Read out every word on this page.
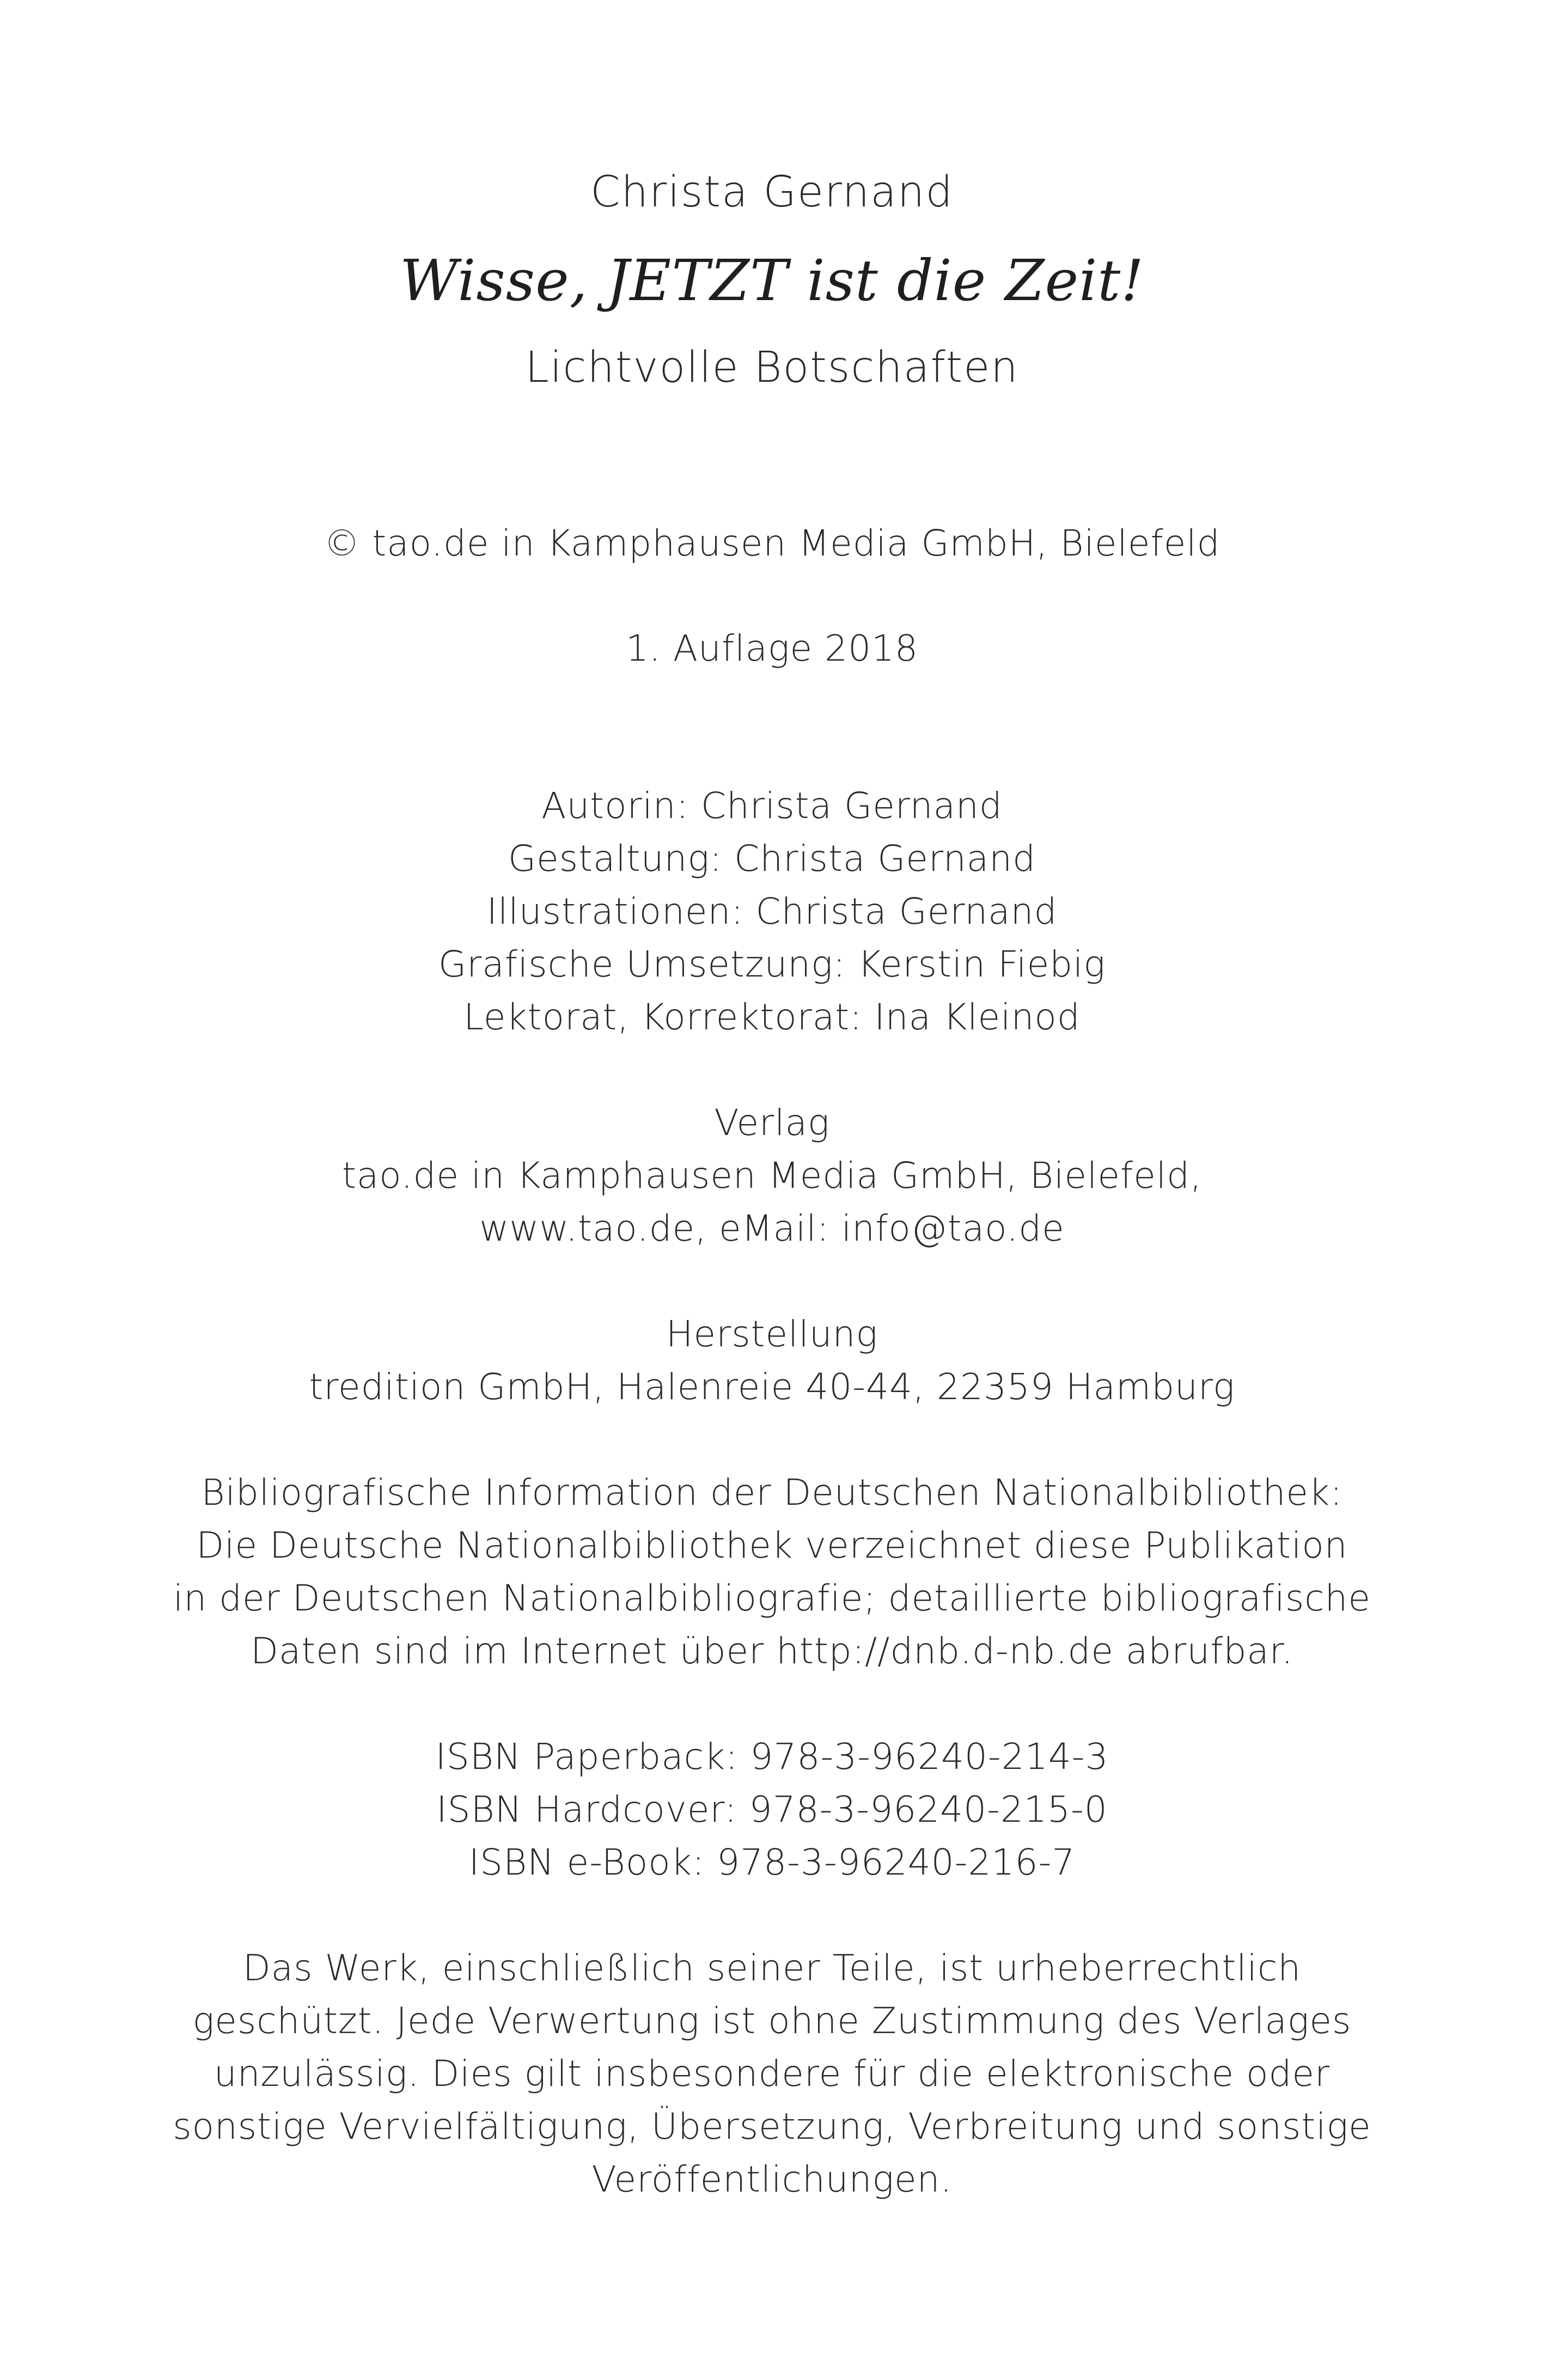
Christa Gernand
Wisse, JETZT ist die Zeit!
Lichtvolle Botschaften
© tao.de in Kamphausen Media GmbH, Bielefeld
1. Auflage 2018
Autorin: Christa Gernand
Gestaltung: Christa Gernand
Illustrationen: Christa Gernand
Grafische Umsetzung: Kerstin Fiebig
Lektorat, Korrektorat: Ina Kleinod
Verlag
tao.de in Kamphausen Media GmbH, Bielefeld,
www.tao.de, eMail: info@tao.de
Herstellung
tredition GmbH, Halenreie 40-44, 22359 Hamburg
Bibliografische Information der Deutschen Nationalbibliothek:
Die Deutsche Nationalbibliothek verzeichnet diese Publikation
in der Deutschen Nationalbibliografie; detaillierte bibliografische
Daten sind im Internet über http://dnb.d-nb.de abrufbar.
ISBN Paperback: 978-3-96240-214-3
ISBN Hardcover: 978-3-96240-215-0
ISBN e-Book: 978-3-96240-216-7
Das Werk, einschließlich seiner Teile, ist urheberrechtlich
geschützt. Jede Verwertung ist ohne Zustimmung des Verlages
unzulässig. Dies gilt insbesondere für die elektronische oder
sonstige Vervielfältigung, Übersetzung, Verbreitung und sonstige
Veröffentlichungen.
